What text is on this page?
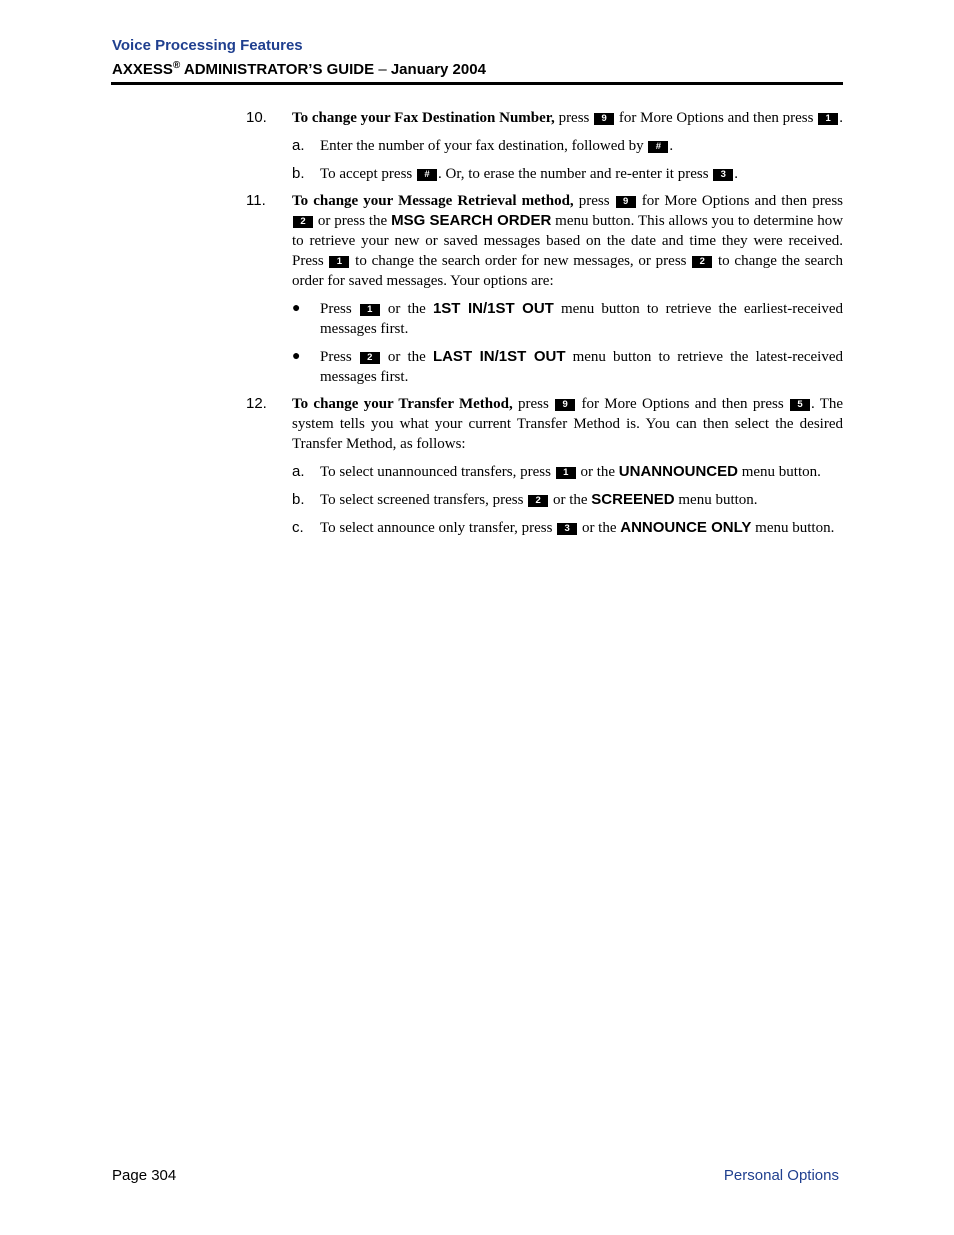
Voice Processing Features
AXXESS® ADMINISTRATOR’S GUIDE – January 2004
10. To change your Fax Destination Number, press 9 for More Options and then press 1 .
a. Enter the number of your fax destination, followed by # .
b. To accept press # . Or, to erase the number and re-enter it press 3 .
11. To change your Message Retrieval method, press 9 for More Options and then press 2 or press the MSG SEARCH ORDER menu button. This allows you to determine how to retrieve your new or saved messages based on the date and time they were received. Press 1 to change the search order for new messages, or press 2 to change the search order for saved messages. Your options are:
● Press 1 or the 1ST IN/1ST OUT menu button to retrieve the earliest-received messages first.
● Press 2 or the LAST IN/1ST OUT menu button to retrieve the latest-received messages first.
12. To change your Transfer Method, press 9 for More Options and then press 5 . The system tells you what your current Transfer Method is. You can then select the desired Transfer Method, as follows:
a. To select unannounced transfers, press 1 or the UNANNOUNCED menu button.
b. To select screened transfers, press 2 or the SCREENED menu button.
c. To select announce only transfer, press 3 or the ANNOUNCE ONLY menu button.
Page 304	Personal Options
